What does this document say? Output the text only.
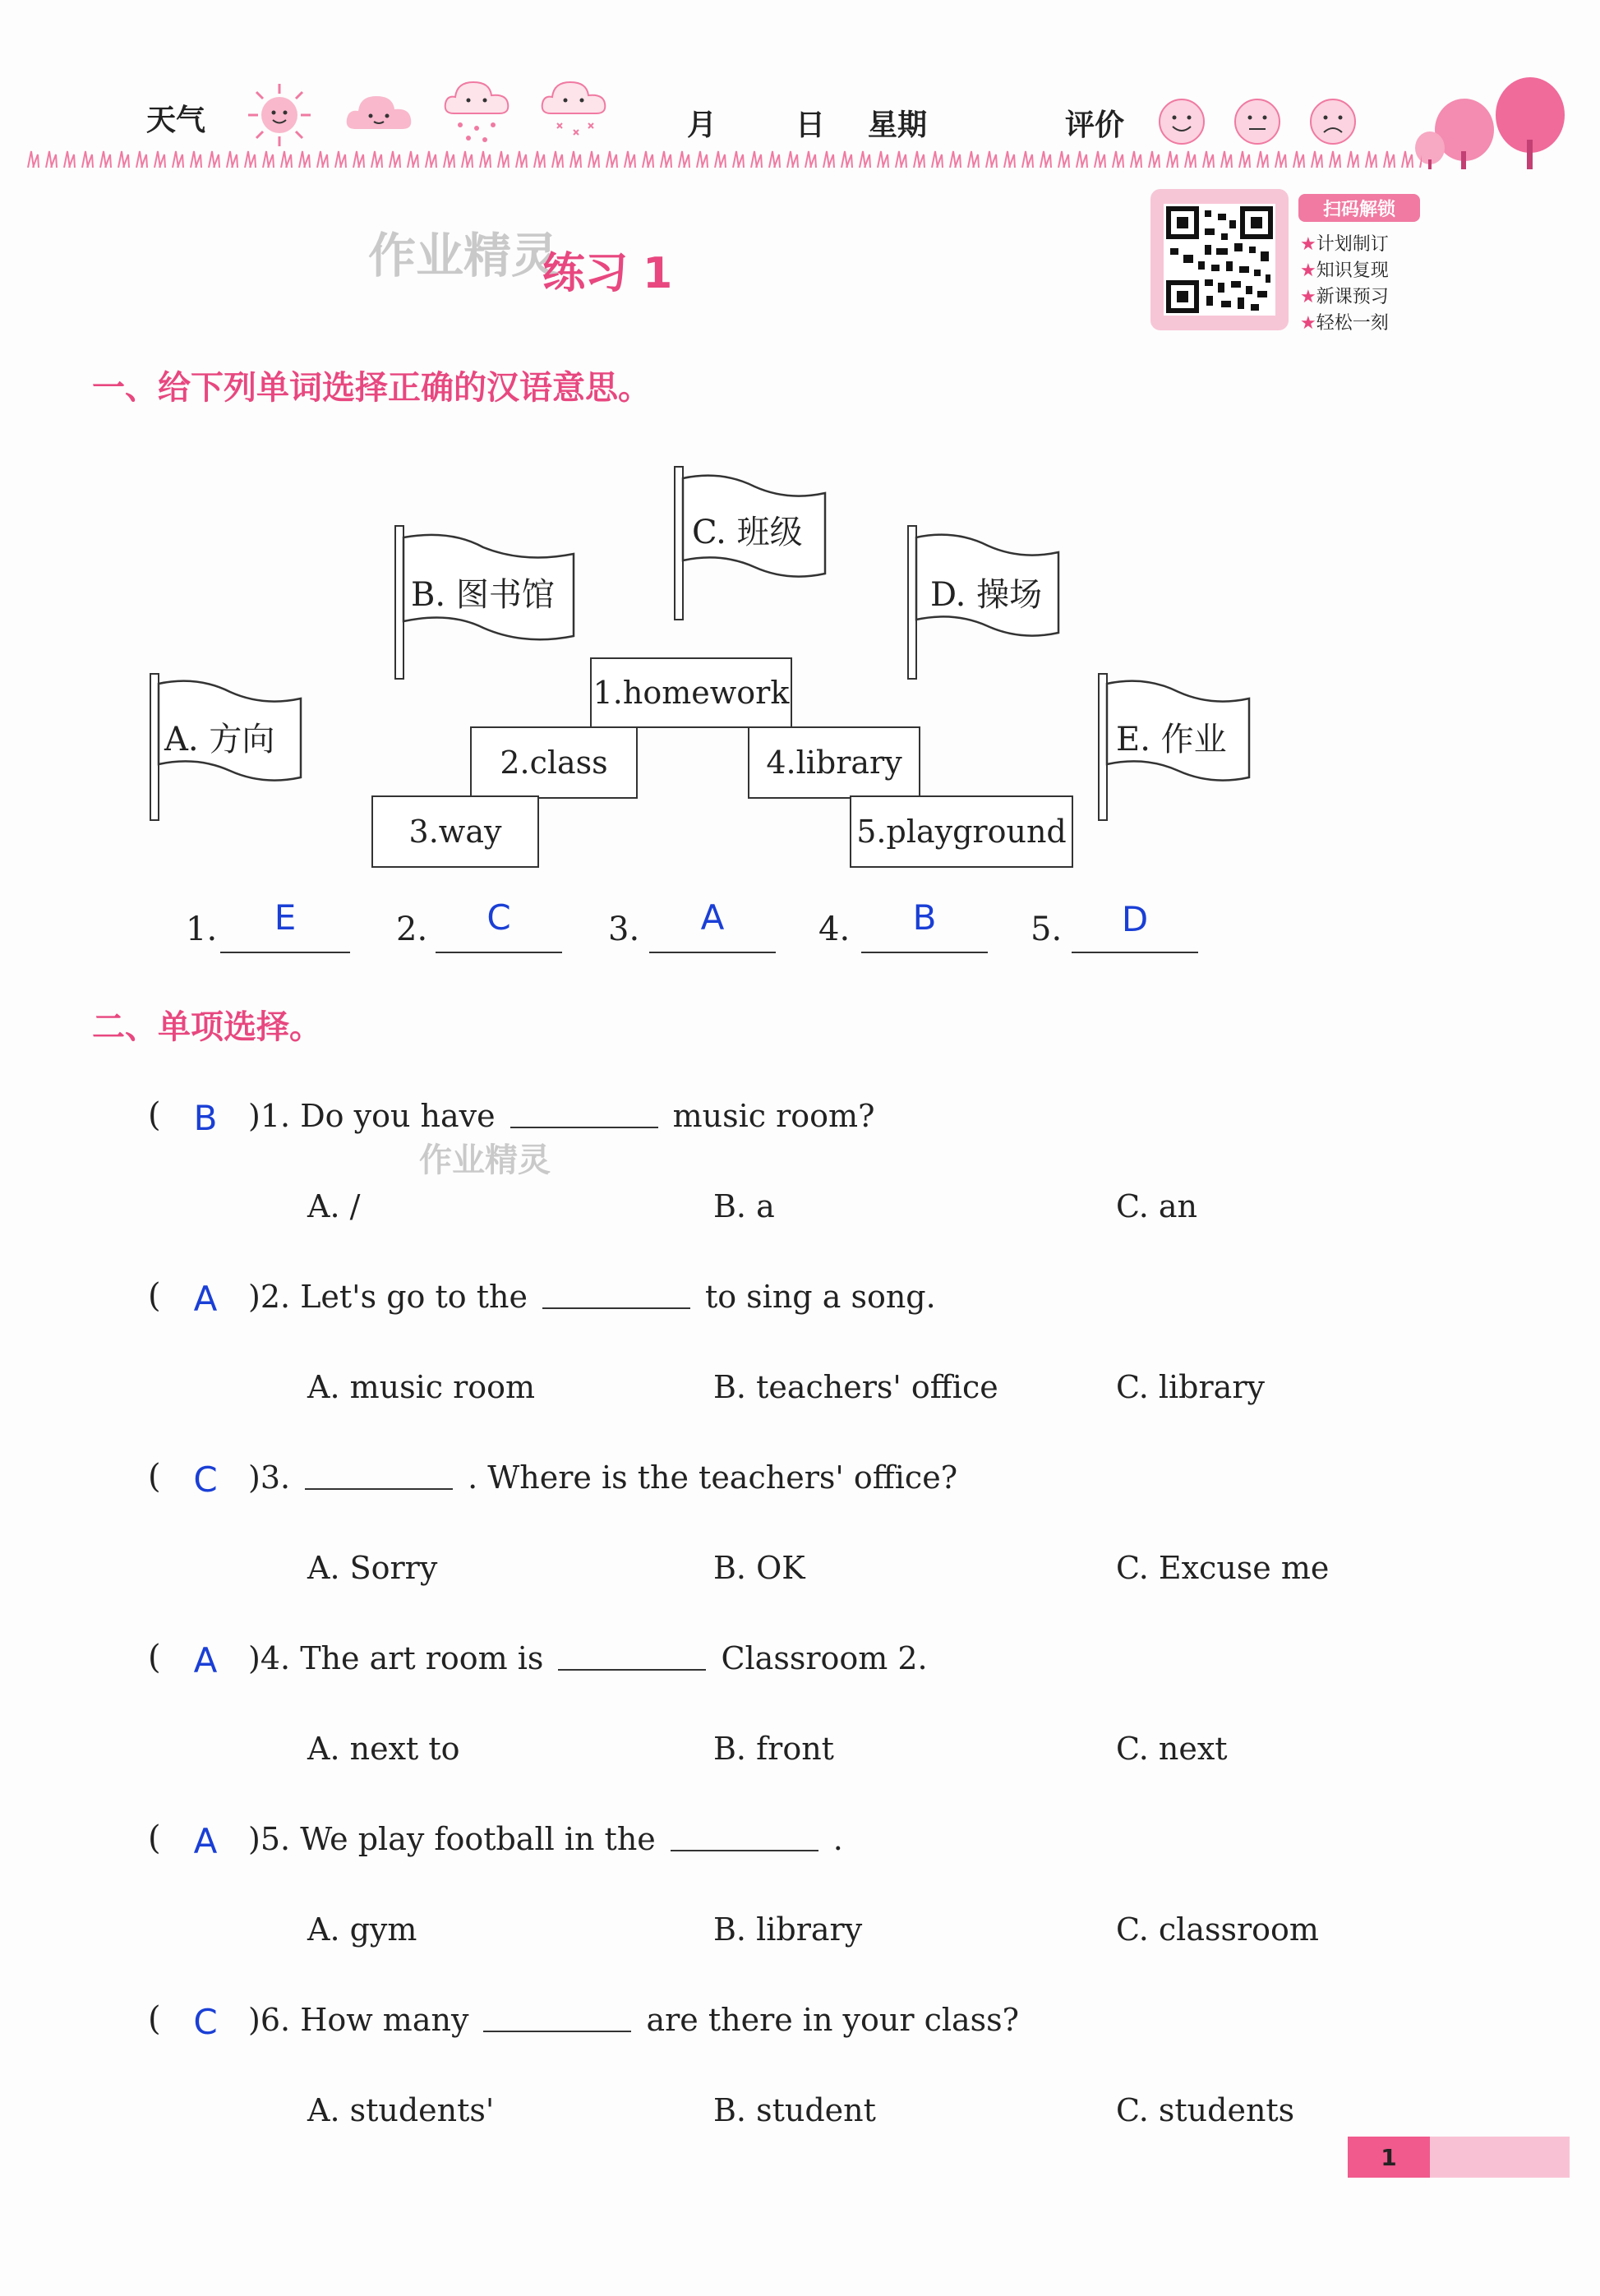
天气	月	日 星期	评价
扫码解锁
★计划制订
★知识复现
★新课预习
★轻松一刻
作业精灵
练习 1
一、给下列单词选择正确的汉语意思。
A. 方向
B. 图书馆
C. 班级
D. 操场
E. 作业
1.homework
2.class	4.library
3.way	5.playground
1.	E	2.	C	3.	A	4.	B	5.	D
二、单项选择。
作业精灵
( B )1. Do you have	music room?
A. /	B. a	C. an
( A )2. Let's go to the	to sing a song.
A. music room	B. teachers' office	C. library
( C )3.	. Where is the teachers' office?
A. Sorry	B. OK	C. Excuse me
( A )4. The art room is	Classroom 2.
A. next to	B. front	C. next
( A )5. We play football in the	.
A. gym	B. library	C. classroom
( C )6. How many	are there in your class?
A. students'	B. student	C. students
1
